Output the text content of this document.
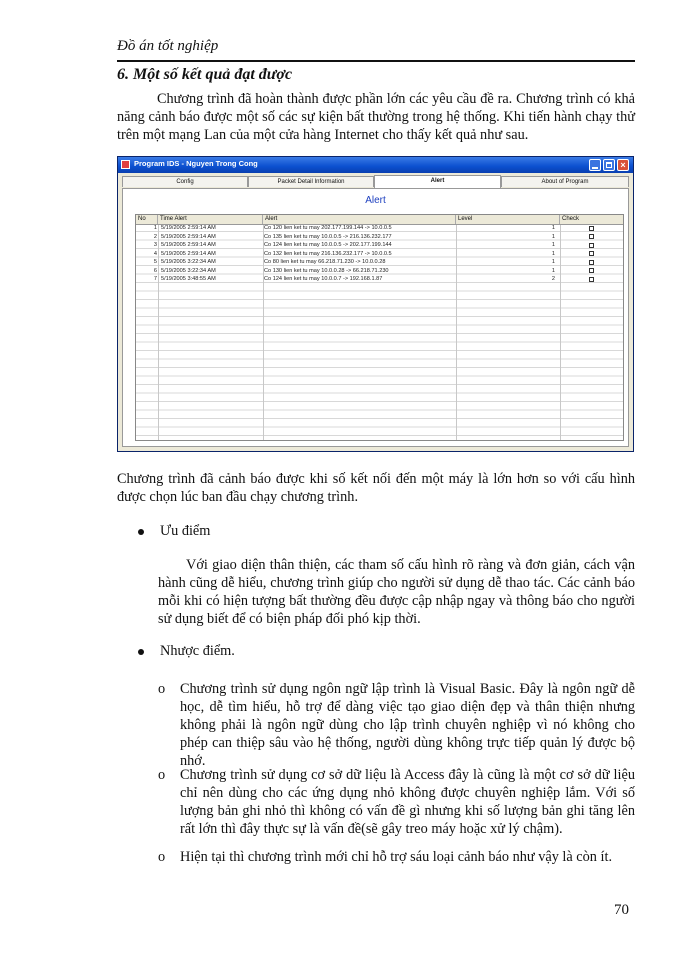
Đồ án tốt nghiệp
6. Một số kết quả đạt được
Chương trình đã hoàn thành được phần lớn các yêu cầu đề ra. Chương trình có khả năng cảnh báo được một số các sự kiện bất thường trong hệ thống. Khi tiến hành chạy thử trên một mạng Lan của một cửa hàng Internet cho thấy kết quả như sau.
Program IDS - Nguyen Trong Cong	×
Config	Packet Detail Information	Alert	About of Program
Alert
No	Time Alert	Alert	Level	Check
1 5/19/2005 2:59:14 AM	Co 120 lien ket tu may 202.177.199.144 -> 10.0.0.5	1
2 5/19/2005 2:59:14 AM	Co 135 lien ket tu may 10.0.0.5 -> 216.136.232.177	1
3 5/19/2005 2:59:14 AM	Co 124 lien ket tu may 10.0.0.5 -> 202.177.199.144	1
4 5/19/2005 2:59:14 AM	Co 132 lien ket tu may 216.136.232.177 -> 10.0.0.5	1
5 5/19/2005 3:22:34 AM	Co 80 lien ket tu may 66.218.71.230 -> 10.0.0.28	1
6 5/19/2005 3:22:34 AM	Co 130 lien ket tu may 10.0.0.28 -> 66.218.71.230	1
7 5/19/2005 3:48:55 AM	Co 124 lien ket tu may 10.0.0.7 -> 192.168.1.87	2
Chương trình đã cảnh báo được khi số kết nối đến một máy là lớn hơn so với cấu hình được chọn lúc ban đầu chạy chương trình.
Ưu điểm
Với giao diện thân thiện, các tham số cấu hình rõ ràng và đơn giản, cách vận hành cũng dễ hiểu, chương trình giúp cho người sử dụng dễ thao tác. Các cảnh báo mỗi khi có hiện tượng bất thường đều được cập nhập ngay và thông báo cho người sử dụng biết để có biện pháp đối phó kịp thời.
Nhược điểm.
o Chương trình sử dụng ngôn ngữ lập trình là Visual Basic. Đây là ngôn ngữ dễ học, dễ tìm hiểu, hỗ trợ để dàng việc tạo giao diện đẹp và thân thiện nhưng không phải là ngôn ngữ dùng cho lập trình chuyên nghiệp vì nó không cho phép can thiệp sâu vào hệ thống, người dùng không trực tiếp quản lý được bộ nhớ.
o Chương trình sử dụng cơ sở dữ liệu là Access đây là cũng là một cơ sở dữ liệu chỉ nên dùng cho các ứng dụng nhỏ không được chuyên nghiệp lắm. Với số lượng bản ghi nhỏ thì không có vấn đề gì nhưng khi số lượng bản ghi tăng lên rất lớn thì đây thực sự là vấn đề(sẽ gây treo máy hoặc xử lý chậm).
o Hiện tại thì chương trình mới chỉ hỗ trợ sáu loại cảnh báo như vậy là còn ít.
70
